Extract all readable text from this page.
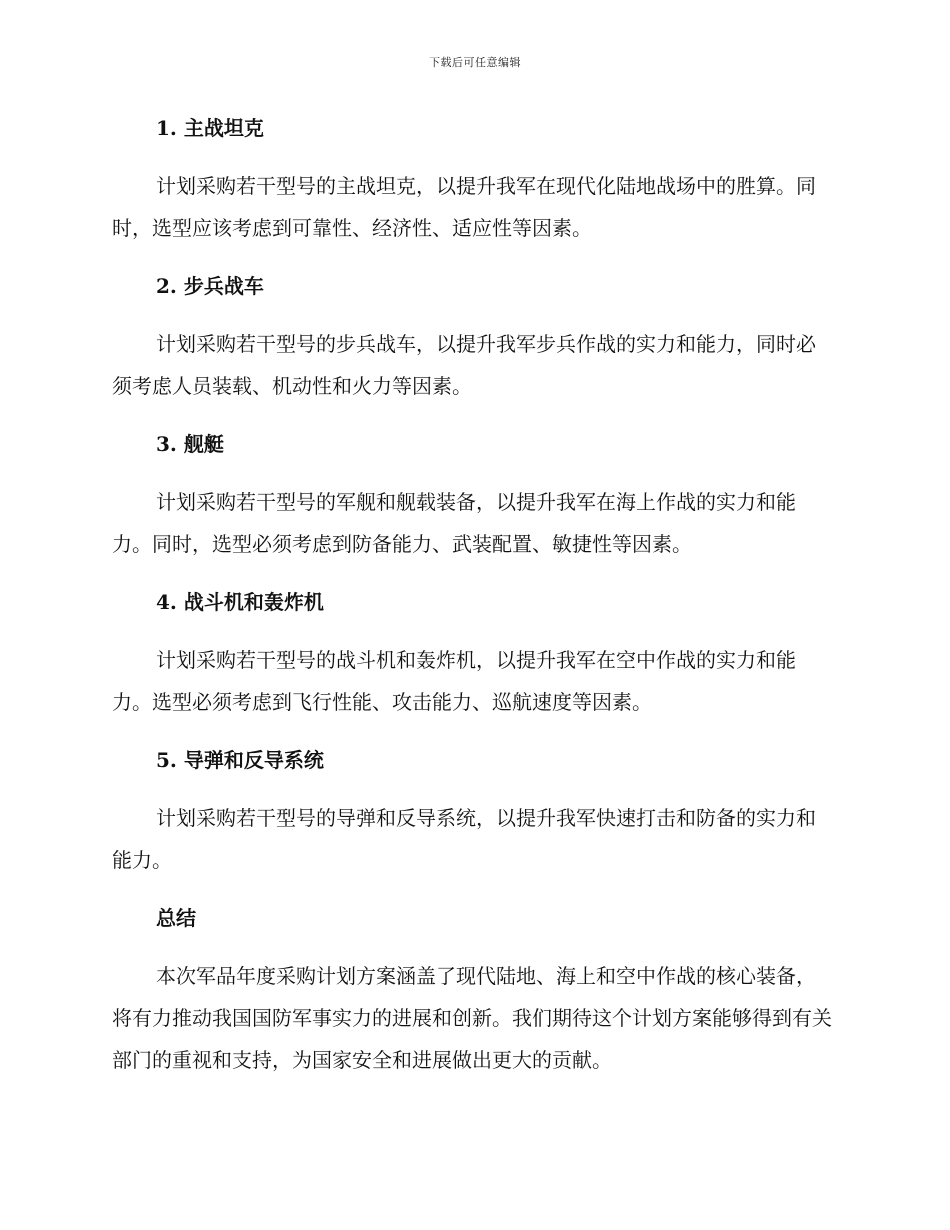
下载后可任意编辑
1. 主战坦克

计划采购若干型号的主战坦克，以提升我军在现代化陆地战场中的胜算。同时，选型应该考虑到可靠性、经济性、适应性等因素。

2. 步兵战车

计划采购若干型号的步兵战车，以提升我军步兵作战的实力和能力，同时必须考虑人员装载、机动性和火力等因素。

3. 舰艇

计划采购若干型号的军舰和舰载装备，以提升我军在海上作战的实力和能力。同时，选型必须考虑到防备能力、武装配置、敏捷性等因素。

4. 战斗机和轰炸机

计划采购若干型号的战斗机和轰炸机，以提升我军在空中作战的实力和能力。选型必须考虑到飞行性能、攻击能力、巡航速度等因素。

5. 导弹和反导系统

计划采购若干型号的导弹和反导系统，以提升我军快速打击和防备的实力和能力。

总结

本次军品年度采购计划方案涵盖了现代陆地、海上和空中作战的核心装备，将有力推动我国国防军事实力的进展和创新。我们期待这个计划方案能够得到有关部门的重视和支持，为国家安全和进展做出更大的贡献。
